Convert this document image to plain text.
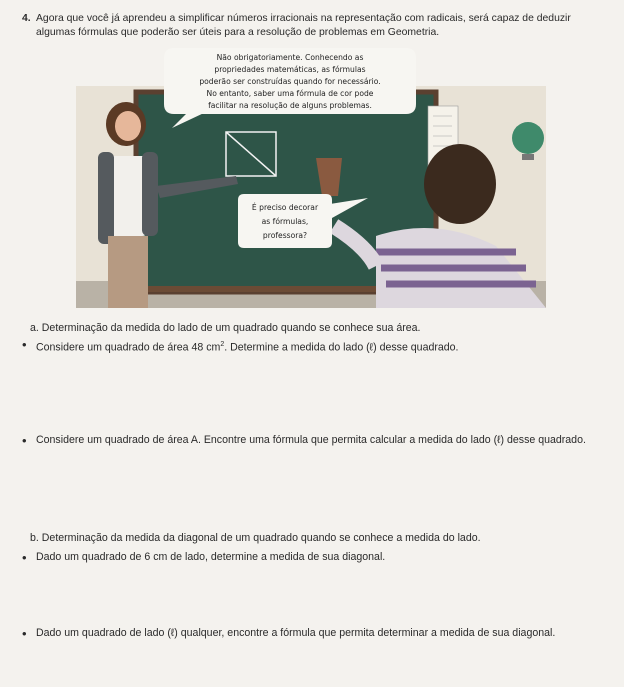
4. Agora que você já aprendeu a simplificar números irracionais na representação com radicais, será capaz de deduzir algumas fórmulas que poderão ser úteis para a resolução de problemas em Geometria.
Não obrigatoriamente. Conhecendo as
propriedades matemáticas, as fórmulas
poderão ser construídas quando for necessário.
No entanto, saber uma fórmula de cor pode
facilitar na resolução de alguns problemas.
É preciso decorar
as fórmulas,
professora?
a. Determinação da medida do lado de um quadrado quando se conhece sua área.
• Considere um quadrado de área 48 $cm^2$. Determine a medida do lado (ℓ) desse quadrado.
• Considere um quadrado de área A. Encontre uma fórmula que permita calcular a medida do lado (ℓ) desse quadrado.
b. Determinação da medida da diagonal de um quadrado quando se conhece a medida do lado.
• Dado um quadrado de 6 cm de lado, determine a medida de sua diagonal.
• Dado um quadrado de lado (ℓ) qualquer, encontre a fórmula que permita determinar a medida de sua diagonal.
